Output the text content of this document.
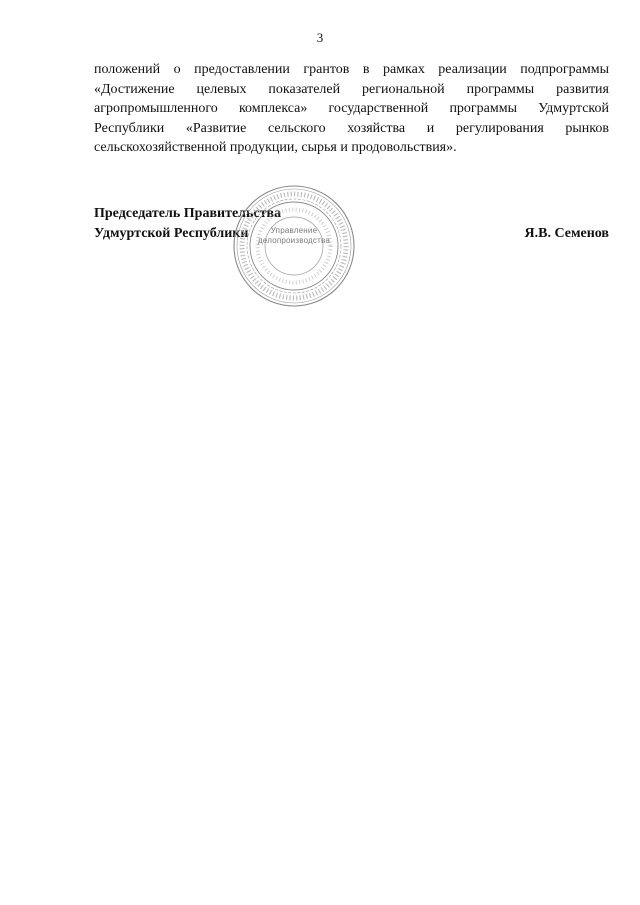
3

положений о предоставлении грантов в рамках реализации подпрограммы «Достижение целевых показателей региональной программы развития агропромышленного комплекса» государственной программы Удмуртской Республики «Развитие сельского хозяйства и регулирования рынков сельскохозяйственной продукции, сырья и продовольствия».

Председатель Правительства
Удмуртской Республики	Я.В. Семенов
Управление
делопроизводства
